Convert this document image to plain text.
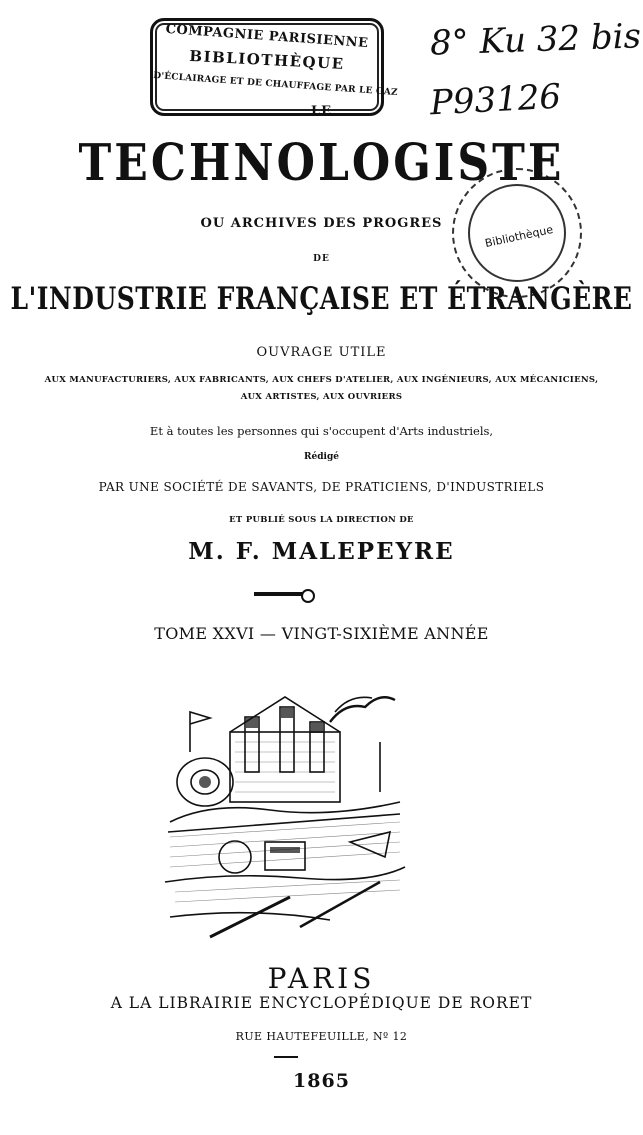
COMPAGNIE PARISIENNE
BIBLIOTHÈQUE
D'ÉCLAIRAGE ET DE CHAUFFAGE PAR LE GAZ
8° Ku 32 bis
P93126
Bibliothèque
LE
TECHNOLOGISTE
OU ARCHIVES DES PROGRES
DE
L'INDUSTRIE FRANÇAISE ET ÉTRANGÈRE
OUVRAGE UTILE
AUX MANUFACTURIERS, AUX FABRICANTS, AUX CHEFS D'ATELIER, AUX INGÉNIEURS, AUX MÉCANICIENS,
AUX ARTISTES, AUX OUVRIERS
Et à toutes les personnes qui s'occupent d'Arts industriels,
Rédigé
PAR UNE SOCIÉTÉ DE SAVANTS, DE PRATICIENS, D'INDUSTRIELS
ET PUBLIÉ SOUS LA DIRECTION DE
M. F. MALEPEYRE
TOME XXVI — VINGT-SIXIÈME ANNÉE
PARIS
A LA LIBRAIRIE ENCYCLOPÉDIQUE DE RORET
RUE HAUTEFEUILLE, Nº 12
1865
